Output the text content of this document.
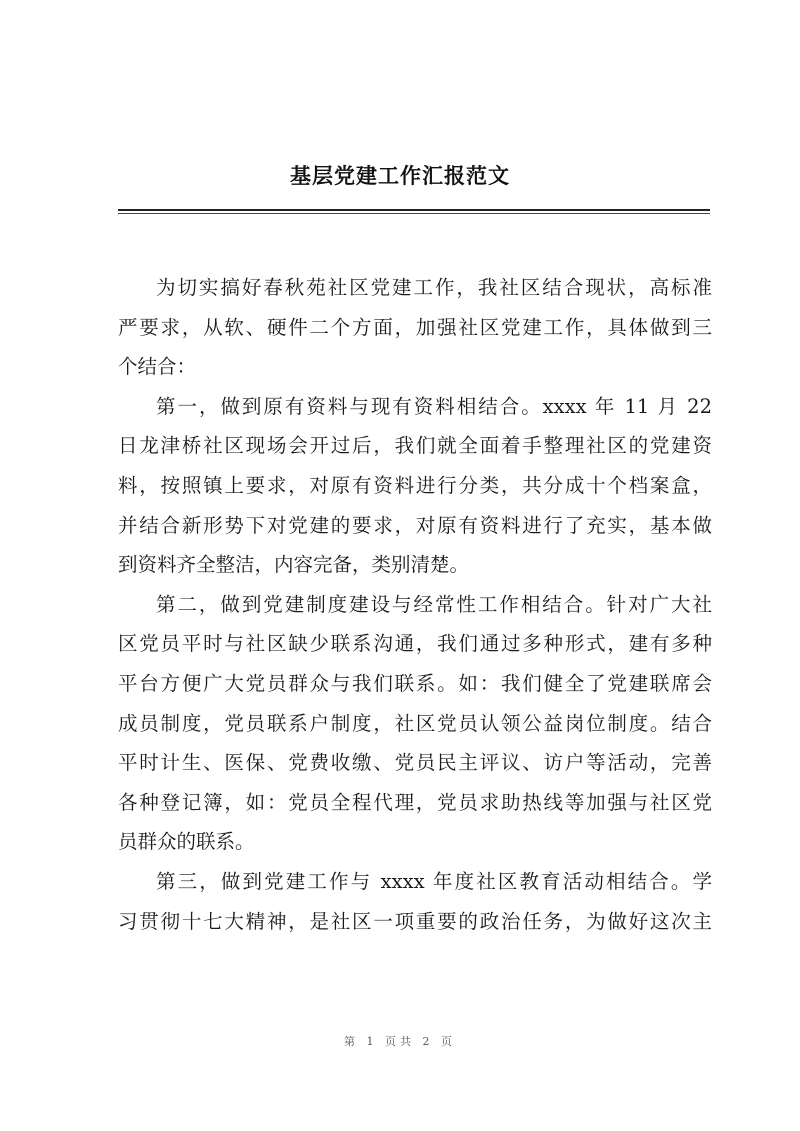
基层党建工作汇报范文
为切实搞好春秋苑社区党建工作，我社区结合现状，高标准
严要求，从软、硬件二个方面，加强社区党建工作，具体做到三
个结合：
第一，做到原有资料与现有资料相结合。xxxx 年 11 月 22
日龙津桥社区现场会开过后，我们就全面着手整理社区的党建资
料，按照镇上要求，对原有资料进行分类，共分成十个档案盒，
并结合新形势下对党建的要求，对原有资料进行了充实，基本做
到资料齐全整洁，内容完备，类别清楚。
第二，做到党建制度建设与经常性工作相结合。针对广大社
区党员平时与社区缺少联系沟通，我们通过多种形式，建有多种
平台方便广大党员群众与我们联系。如：我们健全了党建联席会
成员制度，党员联系户制度，社区党员认领公益岗位制度。结合
平时计生、医保、党费收缴、党员民主评议、访户等活动，完善
各种登记簿，如：党员全程代理，党员求助热线等加强与社区党
员群众的联系。
第三，做到党建工作与 xxxx 年度社区教育活动相结合。学
习贯彻十七大精神，是社区一项重要的政治任务，为做好这次主
第 1 页共 2 页
